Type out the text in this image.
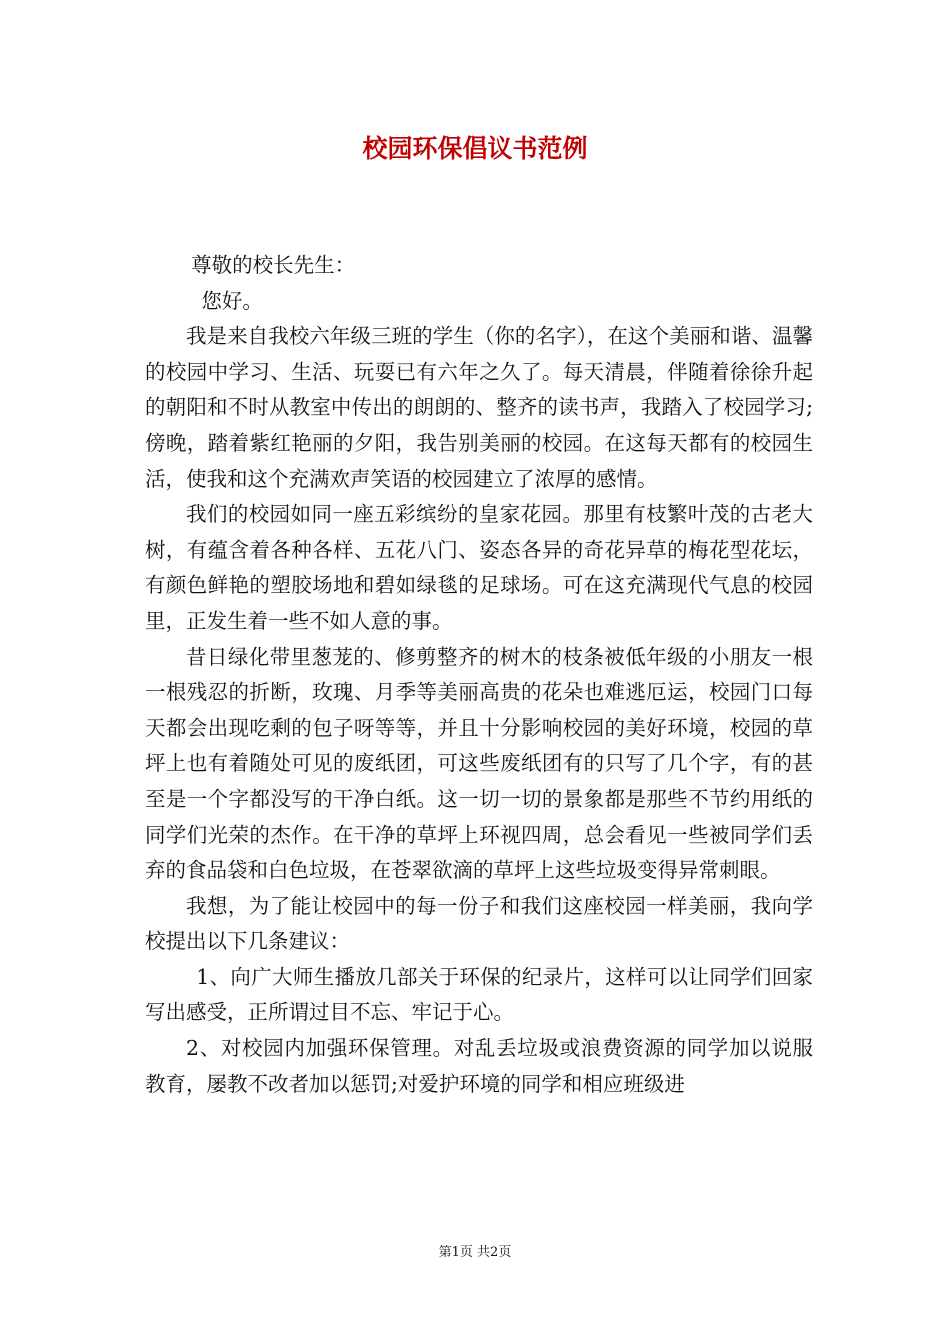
校园环保倡议书范例

尊敬的校长先生：

您好。

我是来自我校六年级三班的学生（你的名字），在这个美丽和谐、温馨的校园中学习、生活、玩耍已有六年之久了。每天清晨，伴随着徐徐升起的朝阳和不时从教室中传出的朗朗的、整齐的读书声，我踏入了校园学习;傍晚，踏着紫红艳丽的夕阳，我告别美丽的校园。在这每天都有的校园生活，使我和这个充满欢声笑语的校园建立了浓厚的感情。

我们的校园如同一座五彩缤纷的皇家花园。那里有枝繁叶茂的古老大树，有蕴含着各种各样、五花八门、姿态各异的奇花异草的梅花型花坛，有颜色鲜艳的塑胶场地和碧如绿毯的足球场。可在这充满现代气息的校园里，正发生着一些不如人意的事。

昔日绿化带里葱茏的、修剪整齐的树木的枝条被低年级的小朋友一根一根残忍的折断，玫瑰、月季等美丽高贵的花朵也难逃厄运，校园门口每天都会出现吃剩的包子呀等等，并且十分影响校园的美好环境，校园的草坪上也有着随处可见的废纸团，可这些废纸团有的只写了几个字，有的甚至是一个字都没写的干净白纸。这一切一切的景象都是那些不节约用纸的同学们光荣的杰作。在干净的草坪上环视四周，总会看见一些被同学们丢弃的食品袋和白色垃圾，在苍翠欲滴的草坪上这些垃圾变得异常刺眼。

我想，为了能让校园中的每一份子和我们这座校园一样美丽，我向学校提出以下几条建议：

1、向广大师生播放几部关于环保的纪录片，这样可以让同学们回家写出感受，正所谓过目不忘、牢记于心。

2、对校园内加强环保管理。对乱丢垃圾或浪费资源的同学加以说服教育，屡教不改者加以惩罚;对爱护环境的同学和相应班级进

第1页 共2页
